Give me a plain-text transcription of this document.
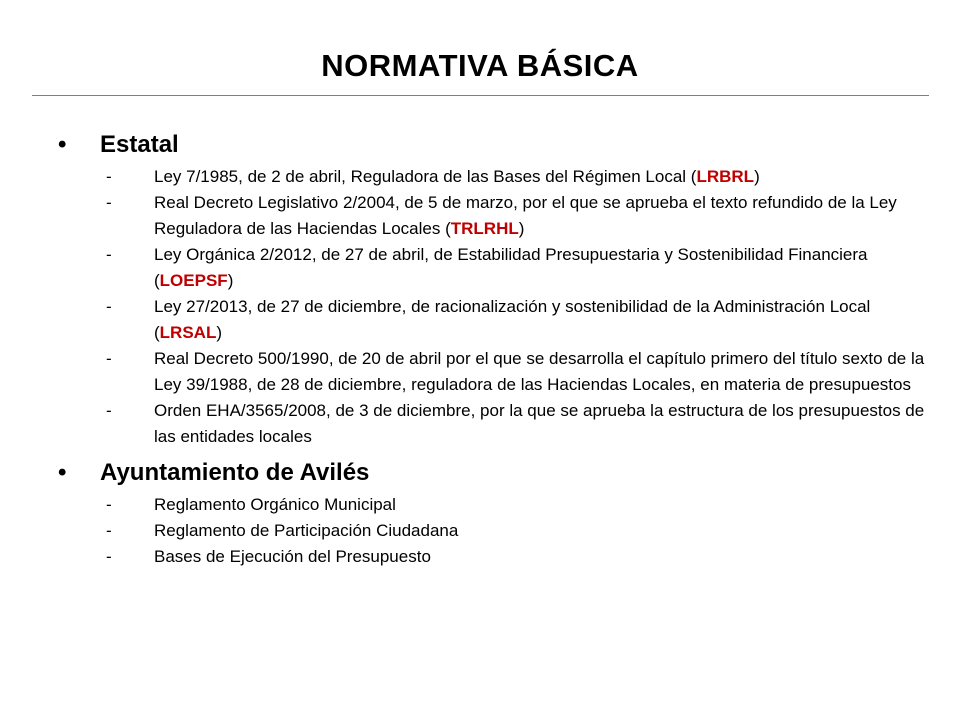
NORMATIVA BÁSICA
•	Estatal
-	Ley 7/1985, de 2 de abril, Reguladora de las Bases del Régimen Local (LRBRL)
-	Real Decreto Legislativo 2/2004, de 5 de marzo, por el que se aprueba el texto refundido de la Ley Reguladora de las Haciendas Locales (TRLRHL)
-	Ley Orgánica 2/2012, de 27 de abril, de Estabilidad Presupuestaria y Sostenibilidad Financiera (LOEPSF)
-	Ley 27/2013, de 27 de diciembre, de racionalización y sostenibilidad de la Administración Local (LRSAL)
-	Real Decreto 500/1990, de 20 de abril por el que se desarrolla el capítulo primero del título sexto de la Ley 39/1988, de 28 de diciembre, reguladora de las Haciendas Locales, en materia de presupuestos
-	Orden EHA/3565/2008, de 3 de diciembre, por la que se aprueba la estructura de los presupuestos de las entidades locales
•	Ayuntamiento de Avilés
-	Reglamento Orgánico Municipal
-	Reglamento de Participación Ciudadana
-	Bases de Ejecución del Presupuesto
